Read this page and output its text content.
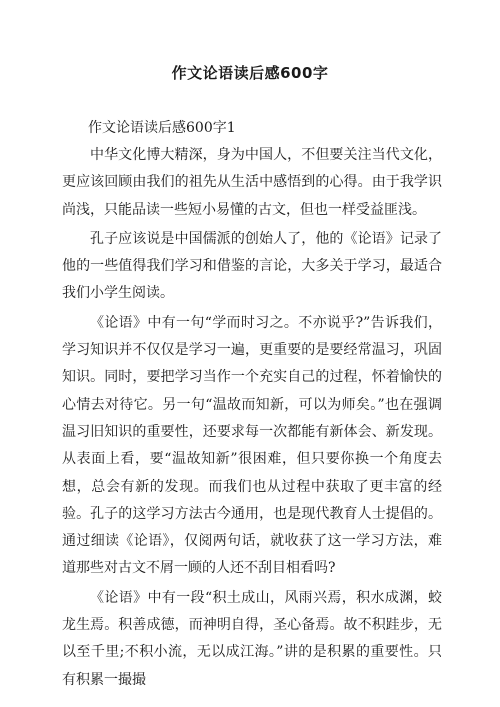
作文论语读后感600字

作文论语读后感600字1

中华文化博大精深，身为中国人，不但要关注当代文化，更应该回顾由我们的祖先从生活中感悟到的心得。由于我学识尚浅，只能品读一些短小易懂的古文，但也一样受益匪浅。

孔子应该说是中国儒派的创始人了，他的《论语》记录了他的一些值得我们学习和借鉴的言论，大多关于学习，最适合我们小学生阅读。

《论语》中有一句“学而时习之。不亦说乎?”告诉我们，学习知识并不仅仅是学习一遍，更重要的是要经常温习，巩固知识。同时，要把学习当作一个充实自己的过程，怀着愉快的心情去对待它。另一句“温故而知新，可以为师矣。”也在强调温习旧知识的重要性，还要求每一次都能有新体会、新发现。从表面上看，要“温故知新”很困难，但只要你换一个角度去想，总会有新的发现。而我们也从过程中获取了更丰富的经验。孔子的这学习方法古今通用，也是现代教育人士提倡的。通过细读《论语》，仅阅两句话，就收获了这一学习方法，难道那些对古文不屑一顾的人还不刮目相看吗?

《论语》中有一段“积土成山，风雨兴焉，积水成渊，蛟龙生焉。积善成德，而神明自得，圣心备焉。故不积跬步，无以至千里;不积小流，无以成江海。”讲的是积累的重要性。只有积累一撮撮
